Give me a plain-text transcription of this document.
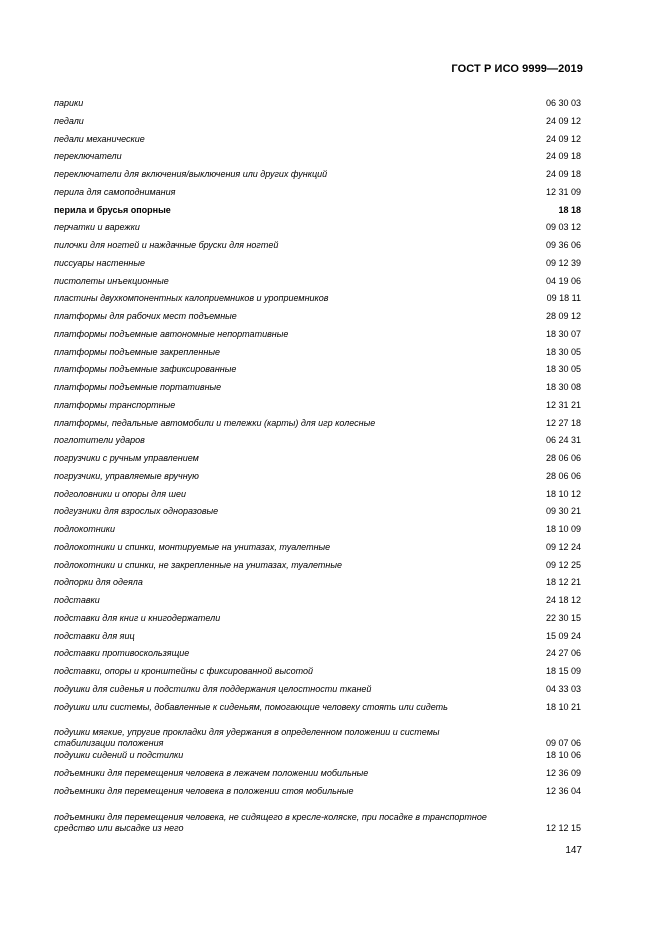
ГОСТ Р ИСО 9999—2019
парики	06 30 03
педали	24 09 12
педали механические	24 09 12
переключатели	24 09 18
переключатели для включения/выключения или других функций	24 09 18
перила для самоподнимания	12 31 09
перила и брусья опорные	18 18
перчатки и варежки	09 03 12
пилочки для ногтей и наждачные бруски для ногтей	09 36 06
писсуары настенные	09 12 39
пистолеты инъекционные	04 19 06
пластины двухкомпонентных калоприемников и уроприемников	09 18 11
платформы для рабочих мест подъемные	28 09 12
платформы подъемные автономные непортативные	18 30 07
платформы подъемные закрепленные	18 30 05
платформы подъемные зафиксированные	18 30 05
платформы подъемные портативные	18 30 08
платформы транспортные	12 31 21
платформы, педальные автомобили и тележки (карты) для игр колесные	12 27 18
поглотители ударов	06 24 31
погрузчики с ручным управлением	28 06 06
погрузчики, управляемые вручную	28 06 06
подголовники и опоры для шеи	18 10 12
подгузники для взрослых одноразовые	09 30 21
подлокотники	18 10 09
подлокотники и спинки, монтируемые на унитазах, туалетные	09 12 24
подлокотники и спинки, не закрепленные на унитазах, туалетные	09 12 25
подпорки для одеяла	18 12 21
подставки	24 18 12
подставки для книг и книгодержатели	22 30 15
подставки для яиц	15 09 24
подставки противоскользящие	24 27 06
подставки, опоры и кронштейны с фиксированной высотой	18 15 09
подушки для сиденья и подстилки для поддержания целостности тканей	04 33 03
подушки или системы, добавленные к сиденьям, помогающие человеку стоять или сидеть	18 10 21
подушки мягкие, упругие прокладки для удержания в определенном положении и системы стабилизации положения	09 07 06
подушки сидений и подстилки	18 10 06
подъемники для перемещения человека в лежачем положении мобильные	12 36 09
подъемники для перемещения человека в положении стоя мобильные	12 36 04
подъемники для перемещения человека, не сидящего в кресле-коляске, при посадке в транспортное средство или высадке из него	12 12 15
147
